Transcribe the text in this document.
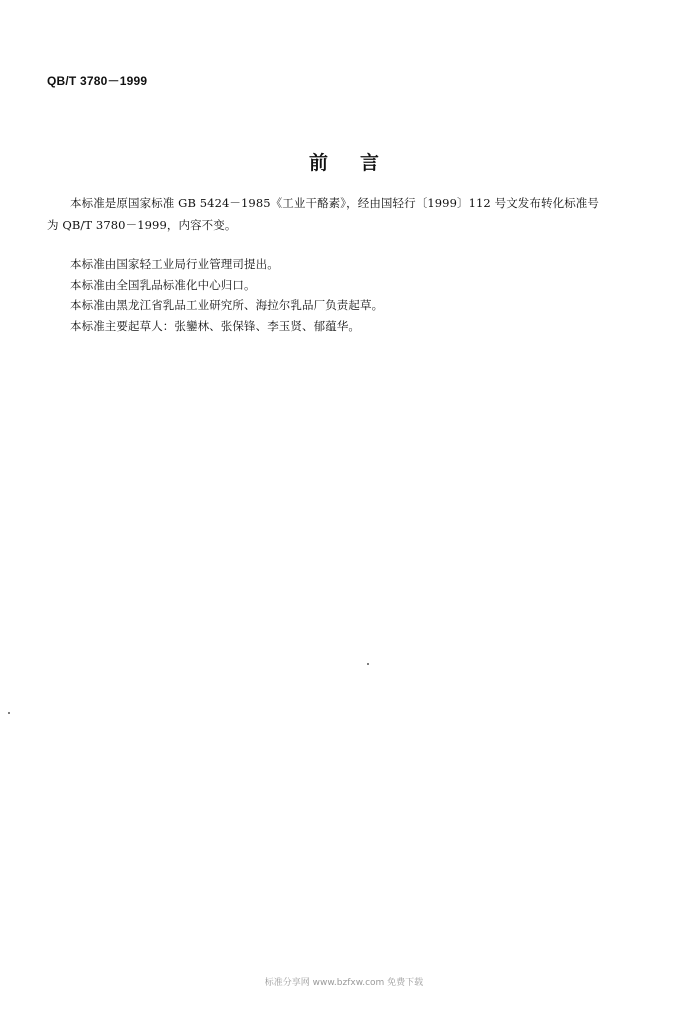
QB/T 3780－1999
前 言
本标准是原国家标准 GB 5424－1985《工业干酪素》，经由国轻行〔1999〕112 号文发布转化标准号
为 QB/T 3780－1999，内容不变。
本标准由国家轻工业局行业管理司提出。
本标准由全国乳品标准化中心归口。
本标准由黑龙江省乳品工业研究所、海拉尔乳品厂负责起草。
本标准主要起草人：张鑾林、张保锋、李玉贤、郁蕴华。
标准分享网 www.bzfxw.com 免费下载
